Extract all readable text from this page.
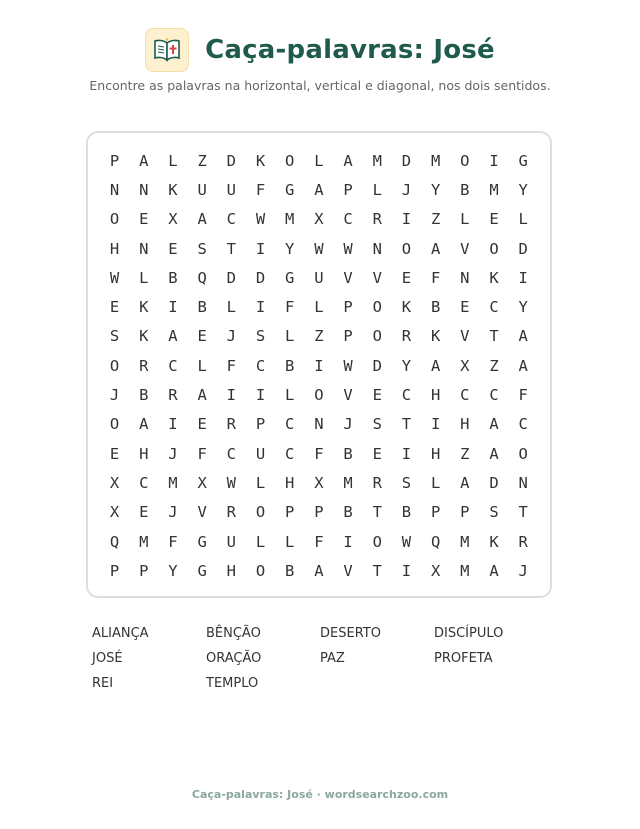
Caça-palavras: José
Encontre as palavras na horizontal, vertical e diagonal, nos dois sentidos.
P	A	L	Z	D	K	O	L	A	M	D	M	O	I	G
N	N	K	U	U	F	G	A	P	L	J	Y	B	M	Y
O	E	X	A	C	W	M	X	C	R	I	Z	L	E	L
H	N	E	S	T	I	Y	W	W	N	O	A	V	O	D
W	L	B	Q	D	D	G	U	V	V	E	F	N	K	I
E	K	I	B	L	I	F	L	P	O	K	B	E	C	Y
S	K	A	E	J	S	L	Z	P	O	R	K	V	T	A
O	R	C	L	F	C	B	I	W	D	Y	A	X	Z	A
J	B	R	A	I	I	L	O	V	E	C	H	C	C	F
O	A	I	E	R	P	C	N	J	S	T	I	H	A	C
E	H	J	F	C	U	C	F	B	E	I	H	Z	A	O
X	C	M	X	W	L	H	X	M	R	S	L	A	D	N
X	E	J	V	R	O	P	P	B	T	B	P	P	S	T
Q	M	F	G	U	L	L	F	I	O	W	Q	M	K	R
P	P	Y	G	H	O	B	A	V	T	I	X	M	A	J
ALIANÇA	BÊNÇÃO	DESERTO	DISCÍPULO
JOSÉ	ORAÇÃO	PAZ	PROFETA
REI	TEMPLO
Caça-palavras: José · wordsearchzoo.com
